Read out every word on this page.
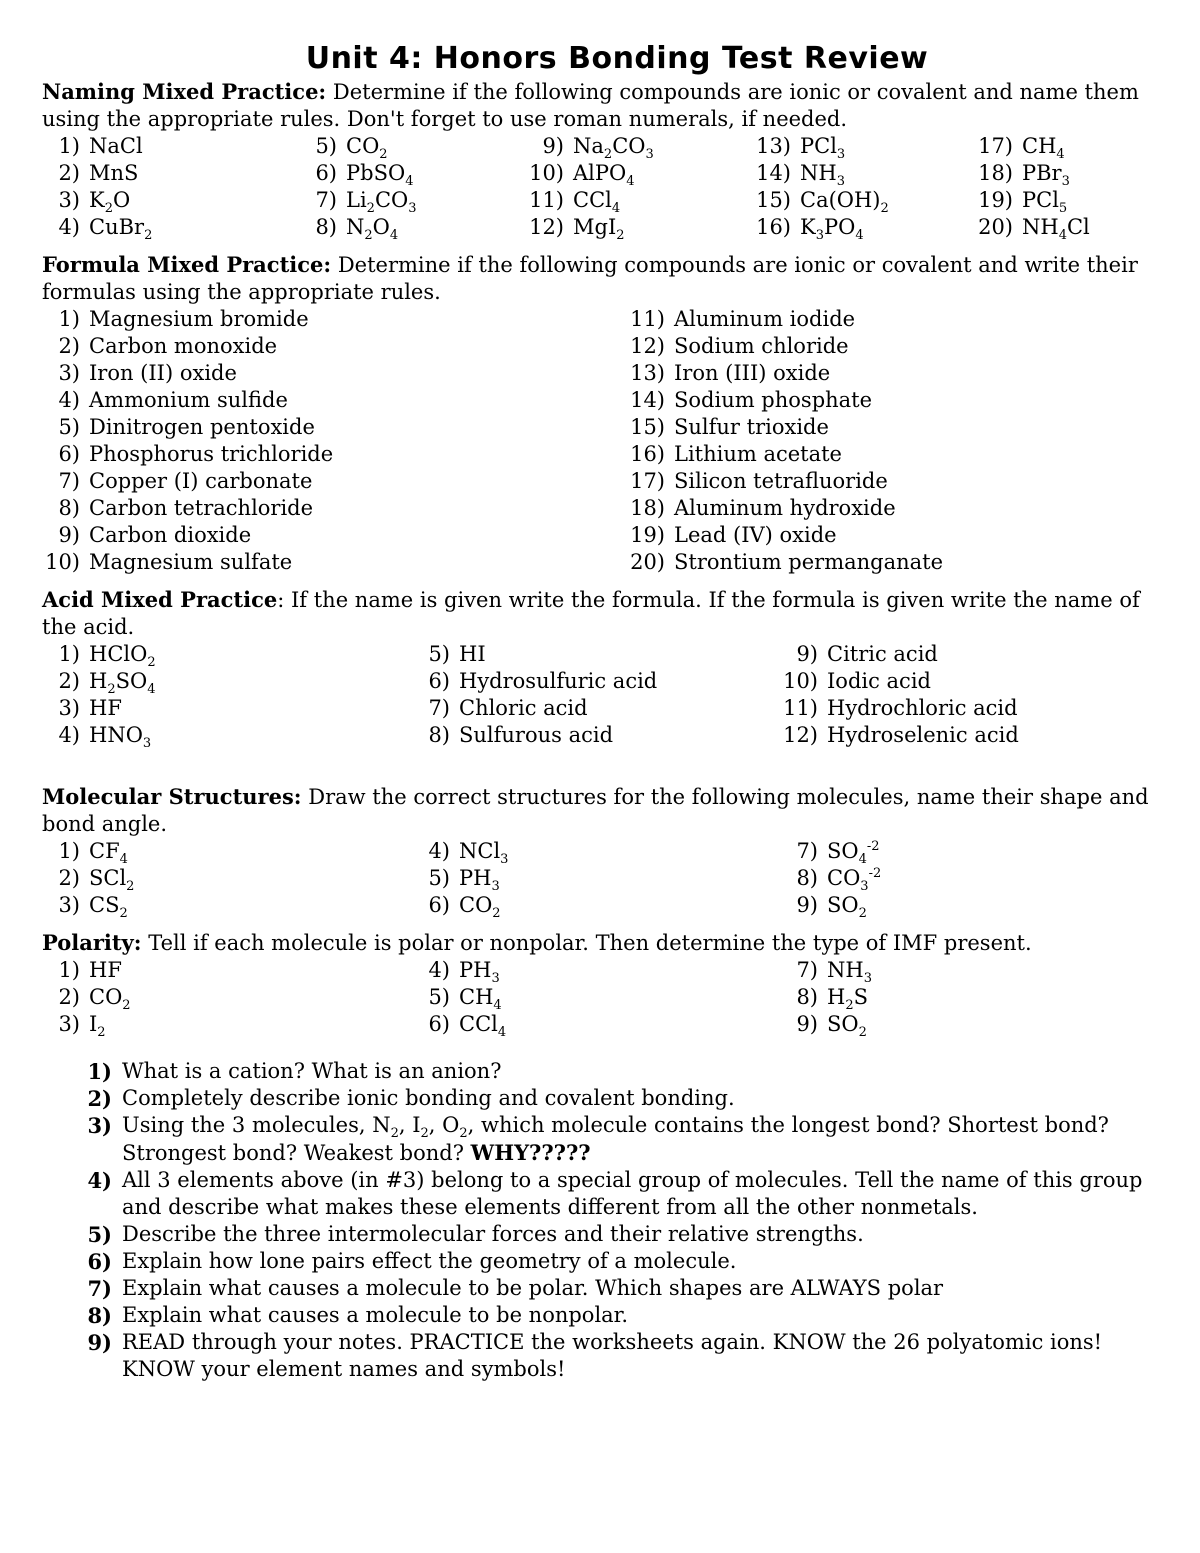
Unit 4: Honors Bonding Test Review
Naming Mixed Practice: Determine if the following compounds are ionic or covalent and name them using the appropriate rules. Don't forget to use roman numerals, if needed.
1) NaCl	5) $CO_2$	9) $Na_2CO_3$	13) PCl$_3$	17) $CH_4$
2) MnS	6) PbSO$_4$	10) AlPO$_4$	14) $NH_3$	18) PBr$_3$
3) $K_2O$	7) $Li_2CO_3$	11) CCl$_4$	15) $Ca(OH)_2$	19) PCl$_5$
4) CuBr$_2$	8) $N_2O_4$	12) MgI$_2$	16) $K_3PO_4$	20) $NH_4Cl$
Formula Mixed Practice: Determine if the following compounds are ionic or covalent and write their formulas using the appropriate rules.
1) Magnesium bromide	11) Aluminum iodide
2) Carbon monoxide	12) Sodium chloride
3) Iron (II) oxide	13) Iron (III) oxide
4) Ammonium sulfide	14) Sodium phosphate
5) Dinitrogen pentoxide	15) Sulfur trioxide
6) Phosphorus trichloride	16) Lithium acetate
7) Copper (I) carbonate	17) Silicon tetrafluoride
8) Carbon tetrachloride	18) Aluminum hydroxide
9) Carbon dioxide	19) Lead (IV) oxide
10) Magnesium sulfate	20) Strontium permanganate
Acid Mixed Practice: If the name is given write the formula. If the formula is given write the name of the acid.
1) HClO$_2$	5) HI	9) Citric acid
2) $H_2SO_4$	6) Hydrosulfuric acid	10) Iodic acid
3) HF	7) Chloric acid	11) Hydrochloric acid
4) $HNO_3$	8) Sulfurous acid	12) Hydroselenic acid
Molecular Structures: Draw the correct structures for the following molecules, name their shape and bond angle.
1) $CF_4$	4) NCl$_3$	7) $SO_4^{-2}$
2) SCl$_2$	5) $PH_3$	8) $CO_3^{-2}$
3) $CS_2$	6) $CO_2$	9) $SO_2$
Polarity: Tell if each molecule is polar or nonpolar. Then determine the type of IMF present.
1) HF	4) $PH_3$	7) $NH_3$
2) $CO_2$	5) $CH_4$	8) $H_2S$
3) $I_2$	6) CCl$_4$	9) $SO_2$
1) What is a cation? What is an anion?
2) Completely describe ionic bonding and covalent bonding.
3) Using the 3 molecules, $N_2$, $I_2$, $O_2$, which molecule contains the longest bond? Shortest bond? Strongest bond? Weakest bond? WHY?????
4) All 3 elements above (in #3) belong to a special group of molecules. Tell the name of this group and describe what makes these elements different from all the other nonmetals.
5) Describe the three intermolecular forces and their relative strengths.
6) Explain how lone pairs effect the geometry of a molecule.
7) Explain what causes a molecule to be polar. Which shapes are ALWAYS polar
8) Explain what causes a molecule to be nonpolar.
9) READ through your notes. PRACTICE the worksheets again. KNOW the 26 polyatomic ions! KNOW your element names and symbols!
